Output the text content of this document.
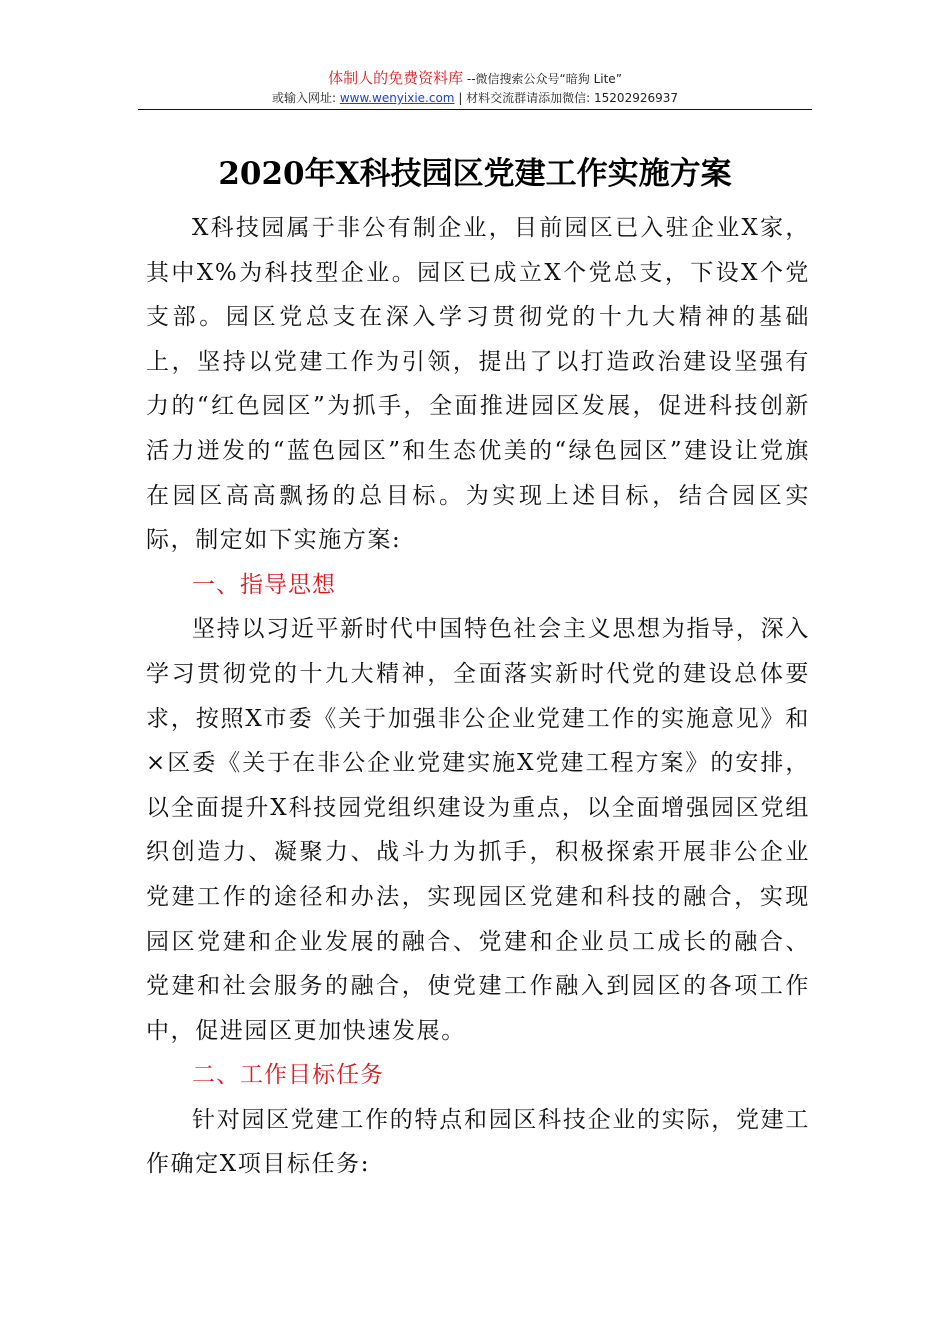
体制人的免费资料库 --微信搜索公众号“暗狗 Lite”
或输入网址: www.wenyixie.com | 材料交流群请添加微信: 15202926937
2020年X科技园区党建工作实施方案

X科技园属于非公有制企业，目前园区已入驻企业X家，其中X%为科技型企业。园区已成立X个党总支，下设X个党支部。园区党总支在深入学习贯彻党的十九大精神的基础上，坚持以党建工作为引领，提出了以打造政治建设坚强有力的“红色园区”为抓手，全面推进园区发展，促进科技创新活力迸发的“蓝色园区”和生态优美的“绿色园区”建设让党旗在园区高高飘扬的总目标。为实现上述目标，结合园区实际，制定如下实施方案:

一、指导思想

坚持以习近平新时代中国特色社会主义思想为指导，深入学习贯彻党的十九大精神，全面落实新时代党的建设总体要求，按照X市委《关于加强非公企业党建工作的实施意见》和×区委《关于在非公企业党建实施X党建工程方案》的安排，以全面提升X科技园党组织建设为重点，以全面增强园区党组织创造力、凝聚力、战斗力为抓手，积极探索开展非公企业党建工作的途径和办法，实现园区党建和科技的融合，实现园区党建和企业发展的融合、党建和企业员工成长的融合、党建和社会服务的融合，使党建工作融入到园区的各项工作中，促进园区更加快速发展。

二、工作目标任务

针对园区党建工作的特点和园区科技企业的实际，党建工作确定X项目标任务:
